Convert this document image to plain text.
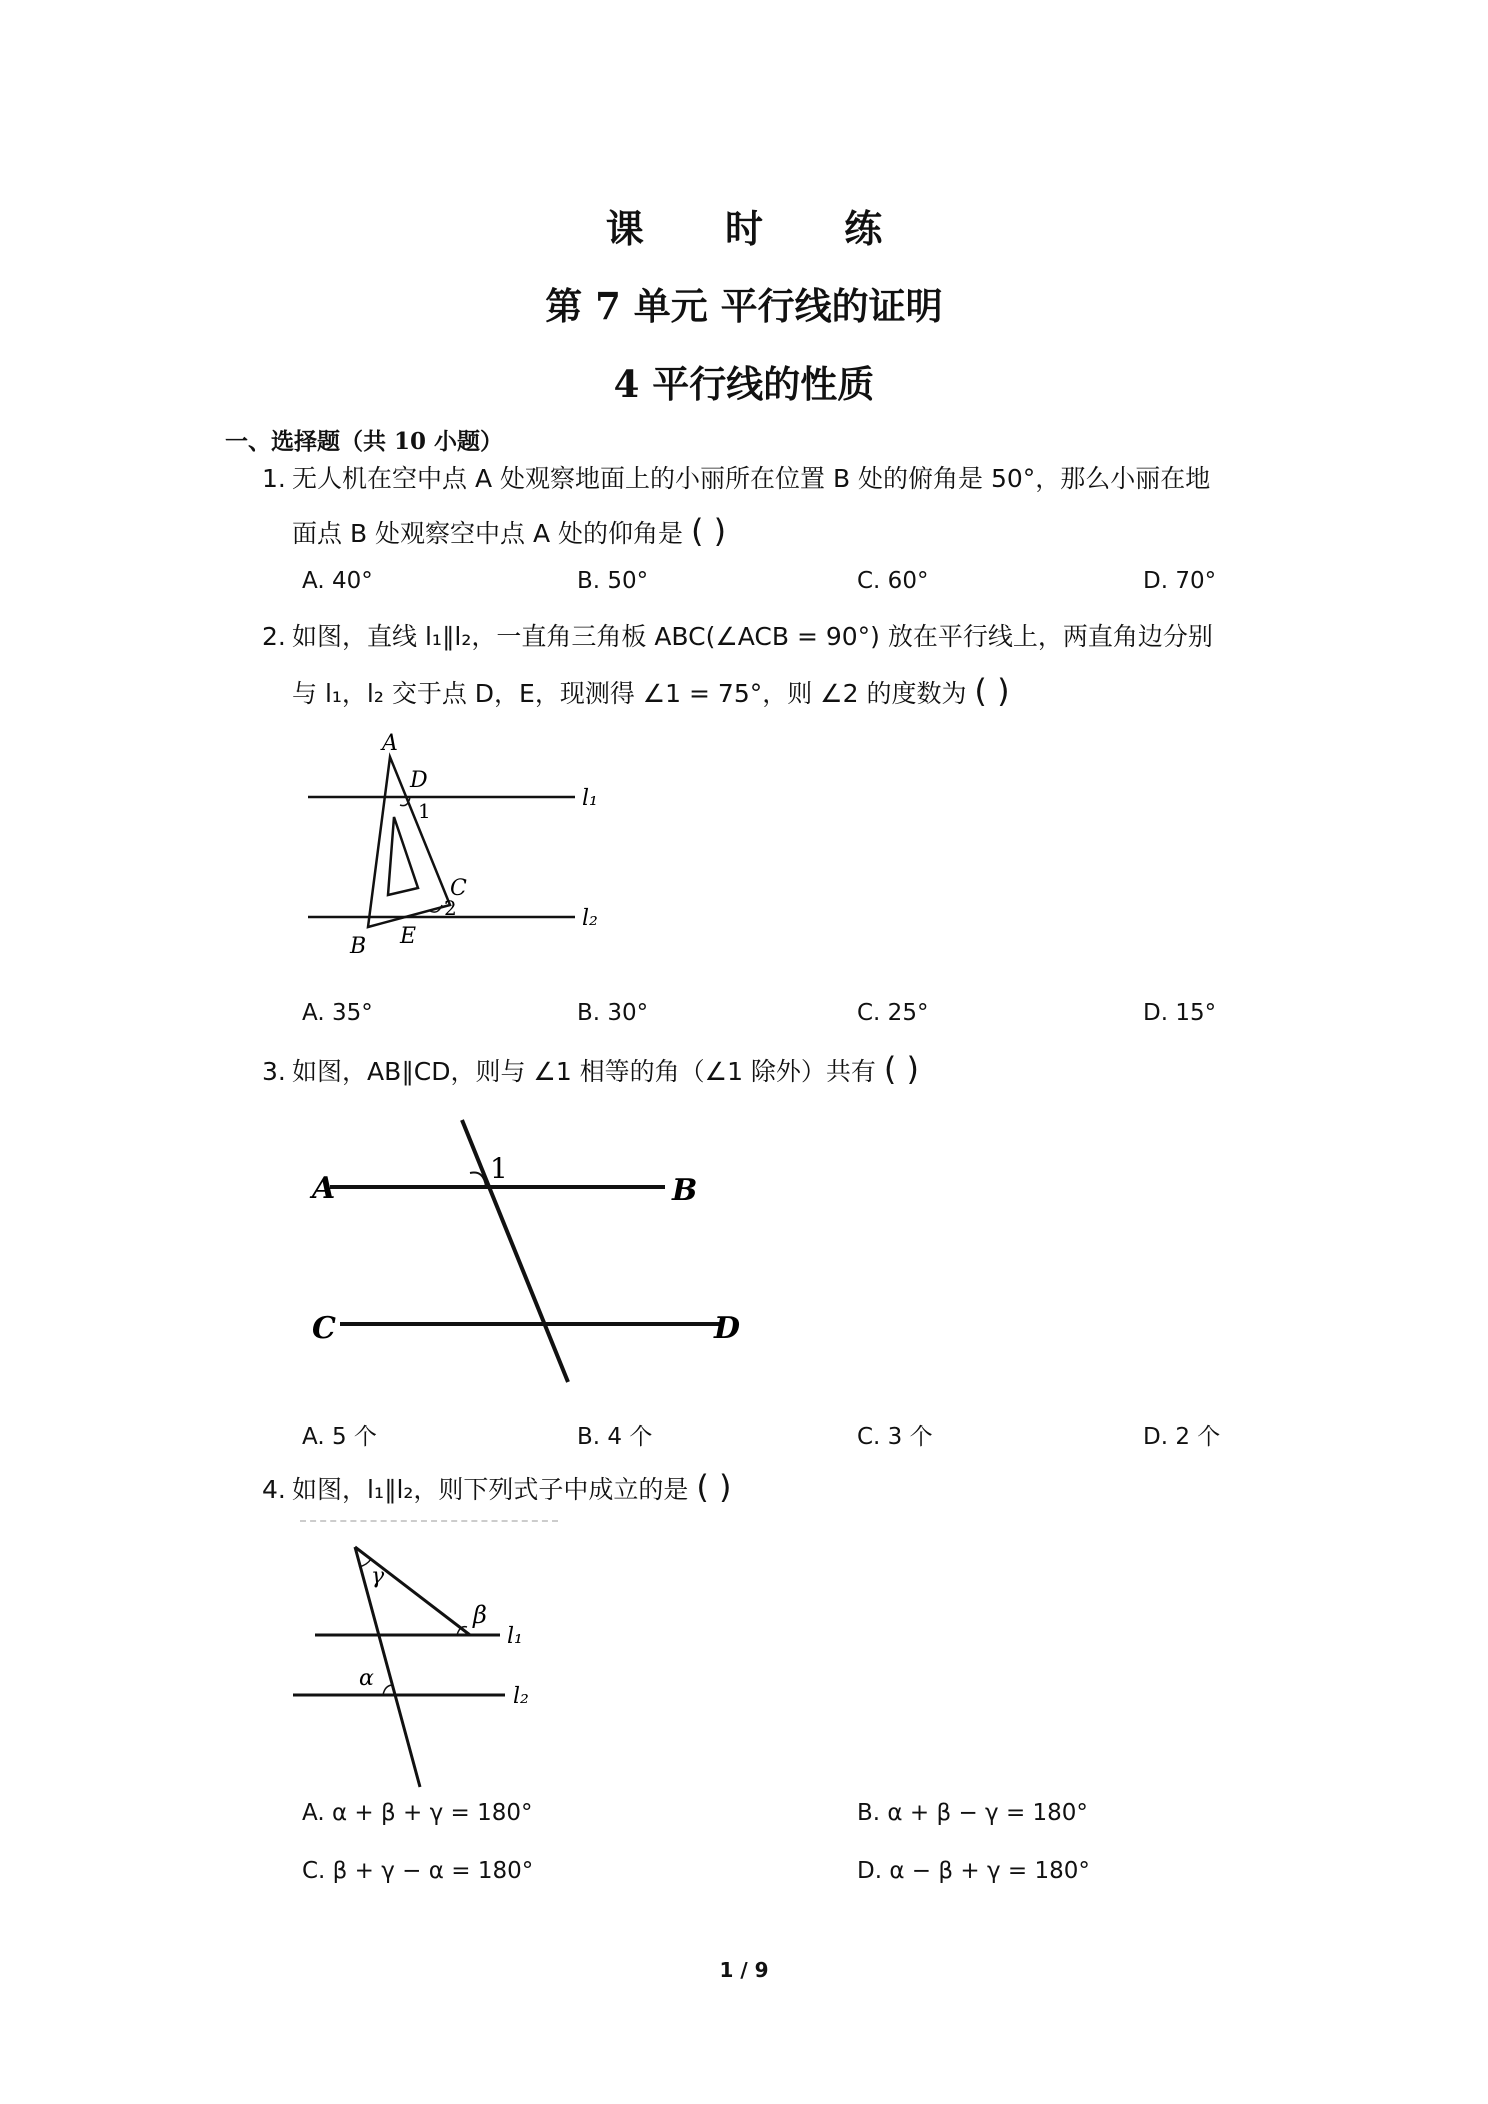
课 时 练
第 7 单元 平行线的证明
4 平行线的性质
一、选择题（共 10 小题）
1. 无人机在空中点 A 处观察地面上的小丽所在位置 B 处的俯角是 50°，那么小丽在地
面点 B 处观察空中点 A 处的仰角是 ( )
A. 40°	B. 50°	C. 60°	D. 70°
2. 如图，直线 l₁∥l₂，一直角三角板 ABC(∠ACB = 90°) 放在平行线上，两直角边分别
与 l₁，l₂ 交于点 D，E，现测得 ∠1 = 75°，则 ∠2 的度数为 ( )
A
D
1
C
2
E
B
l₁
l₂
A. 35°	B. 30°	C. 25°	D. 15°
3. 如图，AB∥CD，则与 ∠1 相等的角（∠1 除外）共有 ( )
A	B
C	D
1
A. 5 个	B. 4 个	C. 3 个	D. 2 个
4. 如图，l₁∥l₂，则下列式子中成立的是 ( )
γ
β
α
l₁
l₂
A. α + β + γ = 180°	B. α + β − γ = 180°
C. β + γ − α = 180°	D. α − β + γ = 180°
1 / 9
